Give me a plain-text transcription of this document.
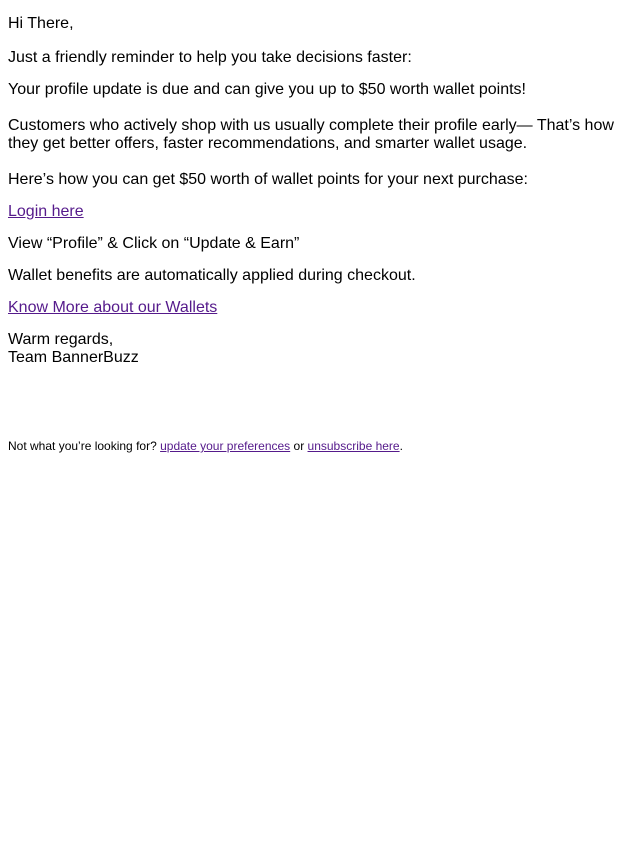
Hi There,

Just a friendly reminder to help you take decisions faster:

Your profile update is due and can give you up to $50 worth wallet points!

Customers who actively shop with us usually complete their profile early— That’s how they get better offers, faster recommendations, and smarter wallet usage.

Here’s how you can get $50 worth of wallet points for your next purchase:

Login here

View “Profile” & Click on “Update & Earn”

Wallet benefits are automatically applied during checkout.

Know More about our Wallets

Warm regards,
Team BannerBuzz

Not what you’re looking for? update your preferences or unsubscribe here.
